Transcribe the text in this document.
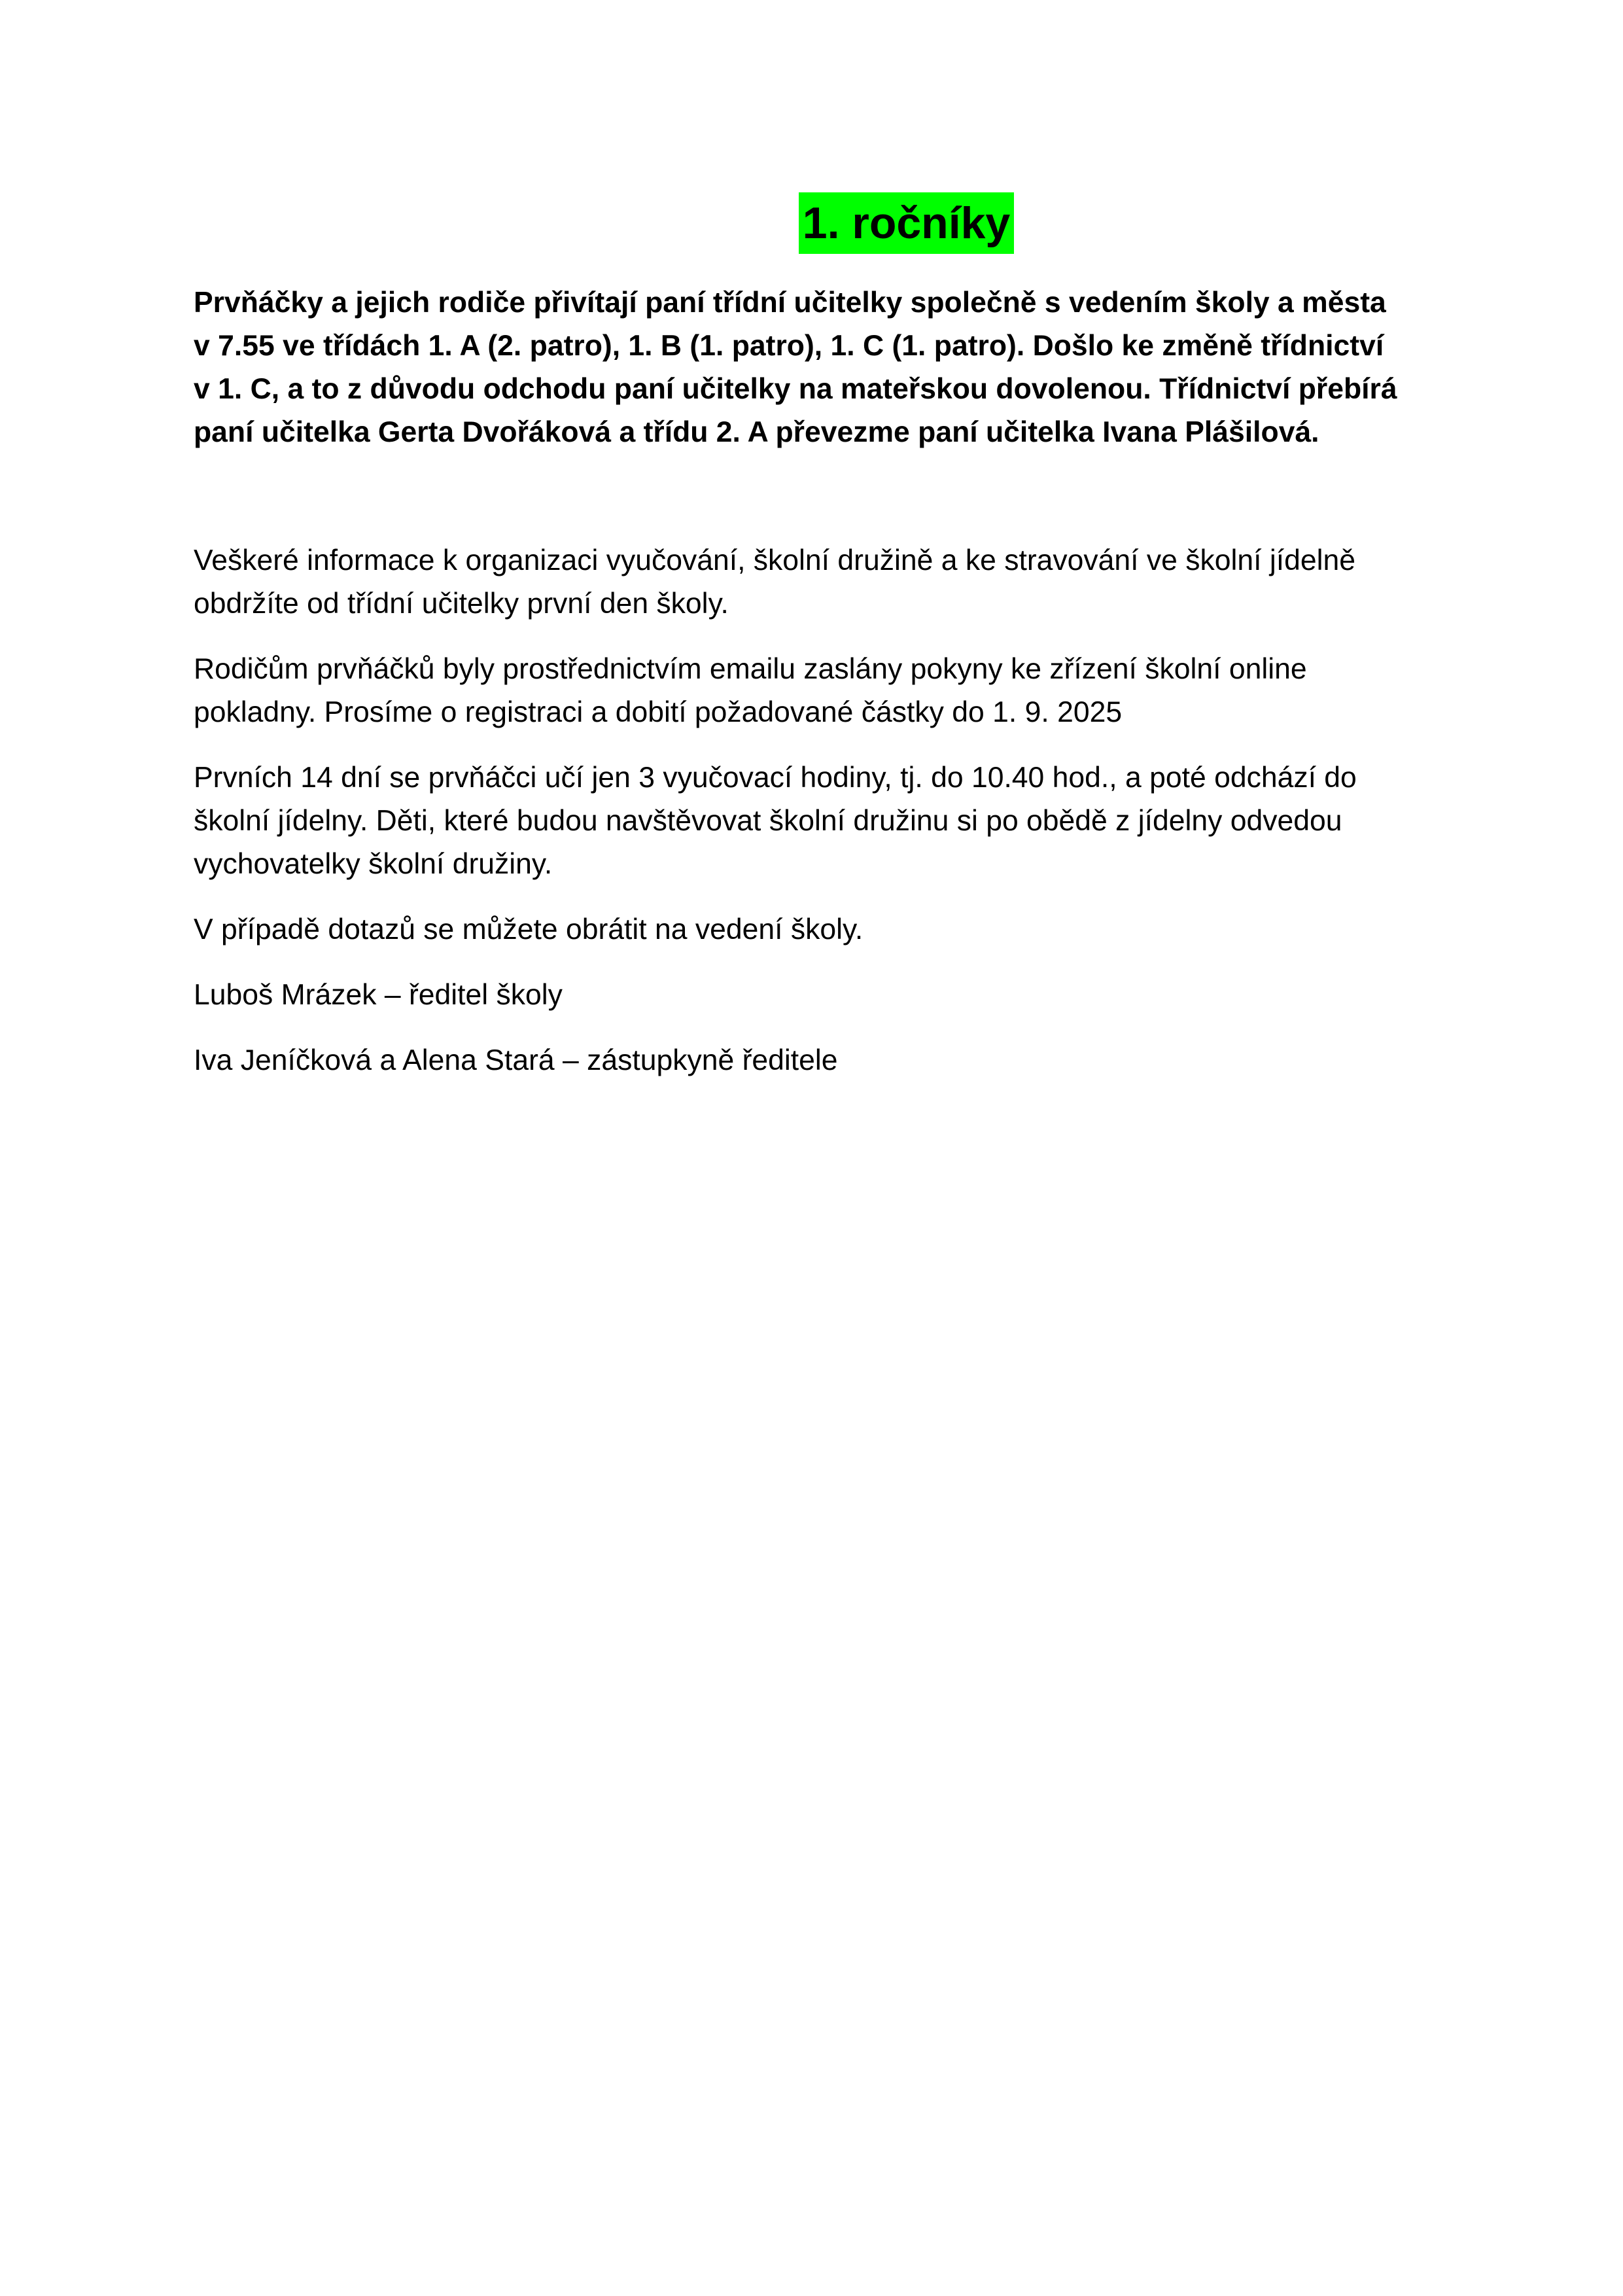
1. ročníky

Prvňáčky a jejich rodiče přivítají paní třídní učitelky společně s vedením školy a města
v 7.55 ve třídách 1. A (2. patro), 1. B (1. patro), 1. C (1. patro). Došlo ke změně třídnictví
v 1. C, a to z důvodu odchodu paní učitelky na mateřskou dovolenou. Třídnictví přebírá
paní učitelka Gerta Dvořáková a třídu 2. A převezme paní učitelka Ivana Plášilová.

Veškeré informace k organizaci vyučování, školní družině a ke stravování ve školní jídelně
obdržíte od třídní učitelky první den školy.

Rodičům prvňáčků byly prostřednictvím emailu zaslány pokyny ke zřízení školní online
pokladny. Prosíme o registraci a dobití požadované částky do 1. 9. 2025

Prvních 14 dní se prvňáčci učí jen 3 vyučovací hodiny, tj. do 10.40 hod., a poté odchází do
školní jídelny. Děti, které budou navštěvovat školní družinu si po obědě z jídelny odvedou
vychovatelky školní družiny.

V případě dotazů se můžete obrátit na vedení školy.

Luboš Mrázek – ředitel školy

Iva Jeníčková a Alena Stará – zástupkyně ředitele
